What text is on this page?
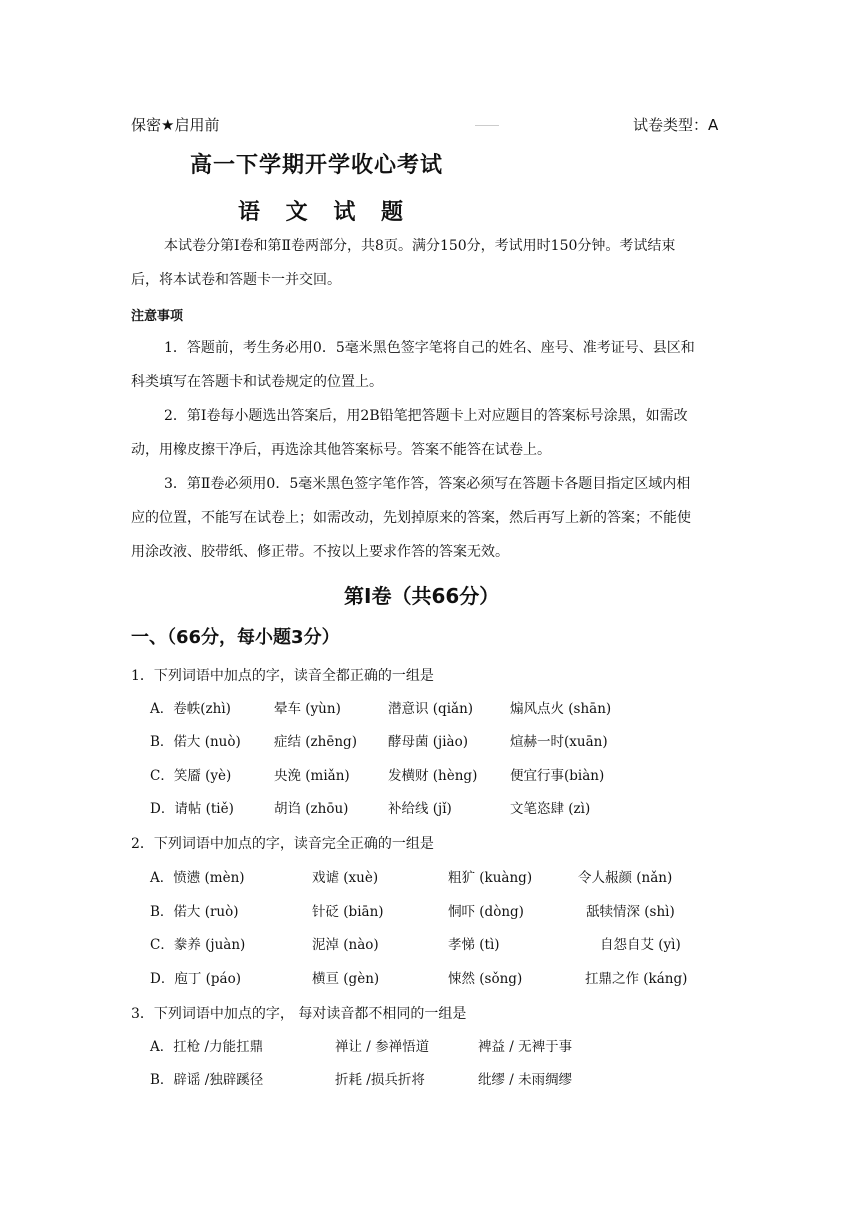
保密★启用前	试卷类型：A
高一下学期开学收心考试
语 文 试 题
本试卷分第Ⅰ卷和第Ⅱ卷两部分，共8页。满分150分，考试用时150分钟。考试结束
后，将本试卷和答题卡一并交回。
注意事项
1．答题前，考生务必用0．5毫米黑色签字笔将自己的姓名、座号、准考证号、县区和
科类填写在答题卡和试卷规定的位置上。
2．第Ⅰ卷每小题选出答案后，用2B铅笔把答题卡上对应题目的答案标号涂黑，如需改
动，用橡皮擦干净后，再选涂其他答案标号。答案不能答在试卷上。
3．第Ⅱ卷必须用0．5毫米黑色签字笔作答，答案必须写在答题卡各题目指定区域内相
应的位置，不能写在试卷上；如需改动，先划掉原来的答案，然后再写上新的答案；不能使
用涂改液、胶带纸、修正带。不按以上要求作答的答案无效。
第Ⅰ卷（共66分）
一、（66分，每小题3分）
1．下列词语中加点的字，读音全都正确的一组是
A．卷帙(zhì)	晕车 (yùn)	潜意识 (qiǎn)	煽风点火 (shān)
B．偌大 (nuò) 症结 (zhēng) 酵母菌 (jiào)	煊赫一时(xuān)
C．笑靥 (yè)	央浼 (miǎn)	发横财 (hèng) 便宜行事(biàn)
D．请帖 (tiě)	胡诌 (zhōu)	补给线 (jǐ)	文笔恣肆 (zì)
2．下列词语中加点的字，读音完全正确的一组是
A．愤懑 (mèn)	戏谑 (xuè)	粗犷 (kuàng)	令人赧颜 (nǎn)
B．偌大 (ruò)	针砭 (biān)	恫吓 (dòng)	舐犊情深 (shì)
C．豢养 (juàn)	泥淖 (nào)	孝悌 (tì)	自怨自艾 (yì)
D．庖丁 (páo)	横亘 (gèn)	悚然 (sǒng)	扛鼎之作 (káng)
3．下列词语中加点的字， 每对读音都不相同的一组是
A．扛枪 /力能扛鼎	禅让 / 参禅悟道	裨益 / 无裨于事
B．辟谣 /独辟蹊径	折耗 /损兵折将	纰缪 / 未雨绸缪
